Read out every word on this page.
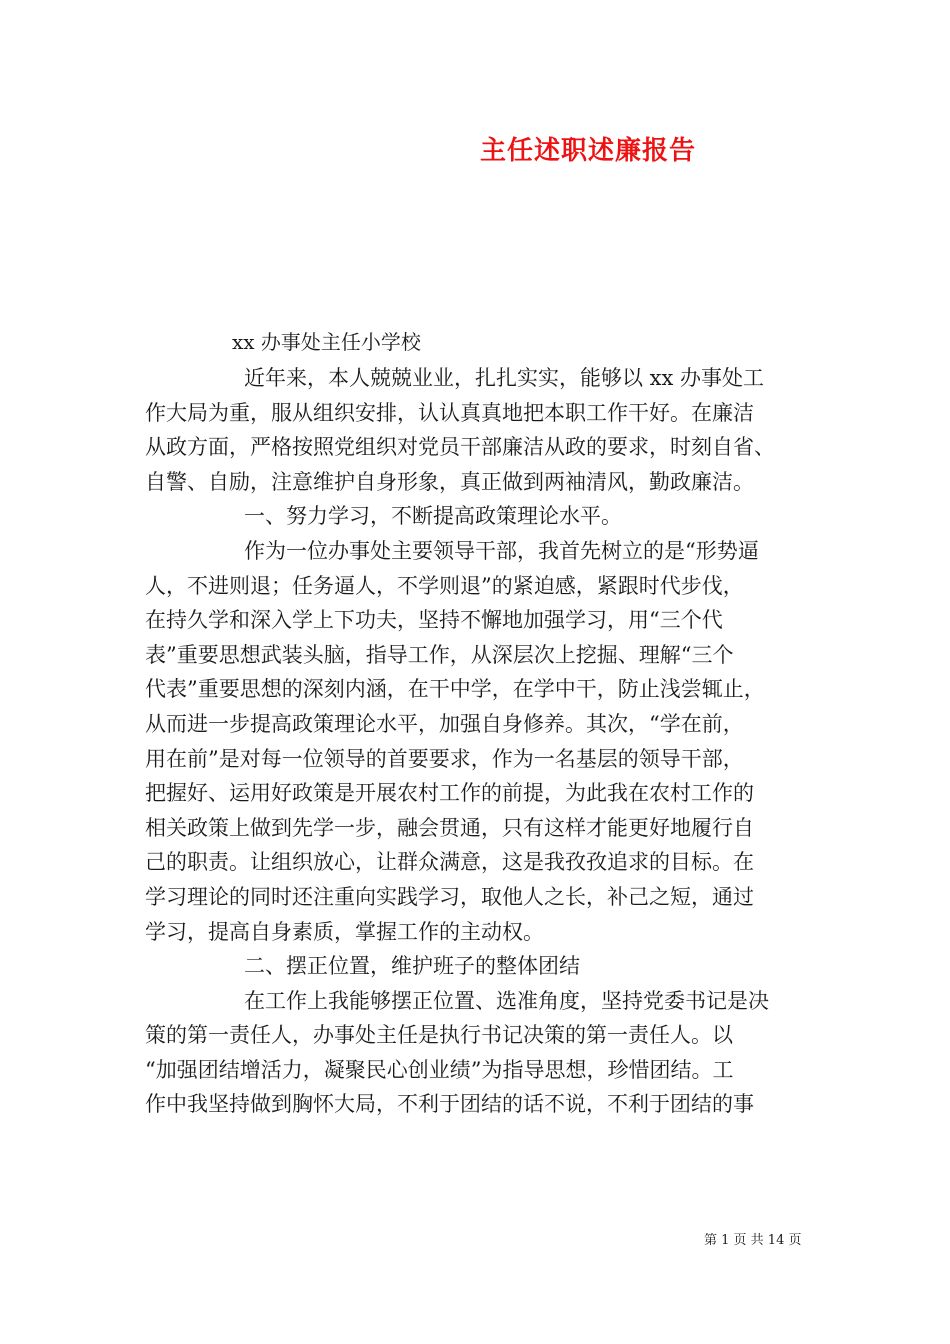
主任述职述廉报告
xx 办事处主任小学校
近年来，本人兢兢业业，扎扎实实，能够以 xx 办事处工
作大局为重，服从组织安排，认认真真地把本职工作干好。在廉洁
从政方面，严格按照党组织对党员干部廉洁从政的要求，时刻自省、
自警、自励，注意维护自身形象，真正做到两袖清风，勤政廉洁。
一、努力学习，不断提高政策理论水平。
作为一位办事处主要领导干部，我首先树立的是“形势逼
人，不进则退；任务逼人，不学则退”的紧迫感，紧跟时代步伐，
在持久学和深入学上下功夫，坚持不懈地加强学习，用“三个代
表”重要思想武装头脑，指导工作，从深层次上挖掘、理解“三个
代表”重要思想的深刻内涵，在干中学，在学中干，防止浅尝辄止，
从而进一步提高政策理论水平，加强自身修养。其次，“学在前，
用在前”是对每一位领导的首要要求，作为一名基层的领导干部，
把握好、运用好政策是开展农村工作的前提，为此我在农村工作的
相关政策上做到先学一步，融会贯通，只有这样才能更好地履行自
己的职责。让组织放心，让群众满意，这是我孜孜追求的目标。在
学习理论的同时还注重向实践学习，取他人之长，补己之短，通过
学习，提高自身素质，掌握工作的主动权。
二、摆正位置，维护班子的整体团结
在工作上我能够摆正位置、选准角度，坚持党委书记是决
策的第一责任人，办事处主任是执行书记决策的第一责任人。以
“加强团结增活力，凝聚民心创业绩”为指导思想，珍惜团结。工
作中我坚持做到胸怀大局，不利于团结的话不说，不利于团结的事
第 1 页 共 14 页
